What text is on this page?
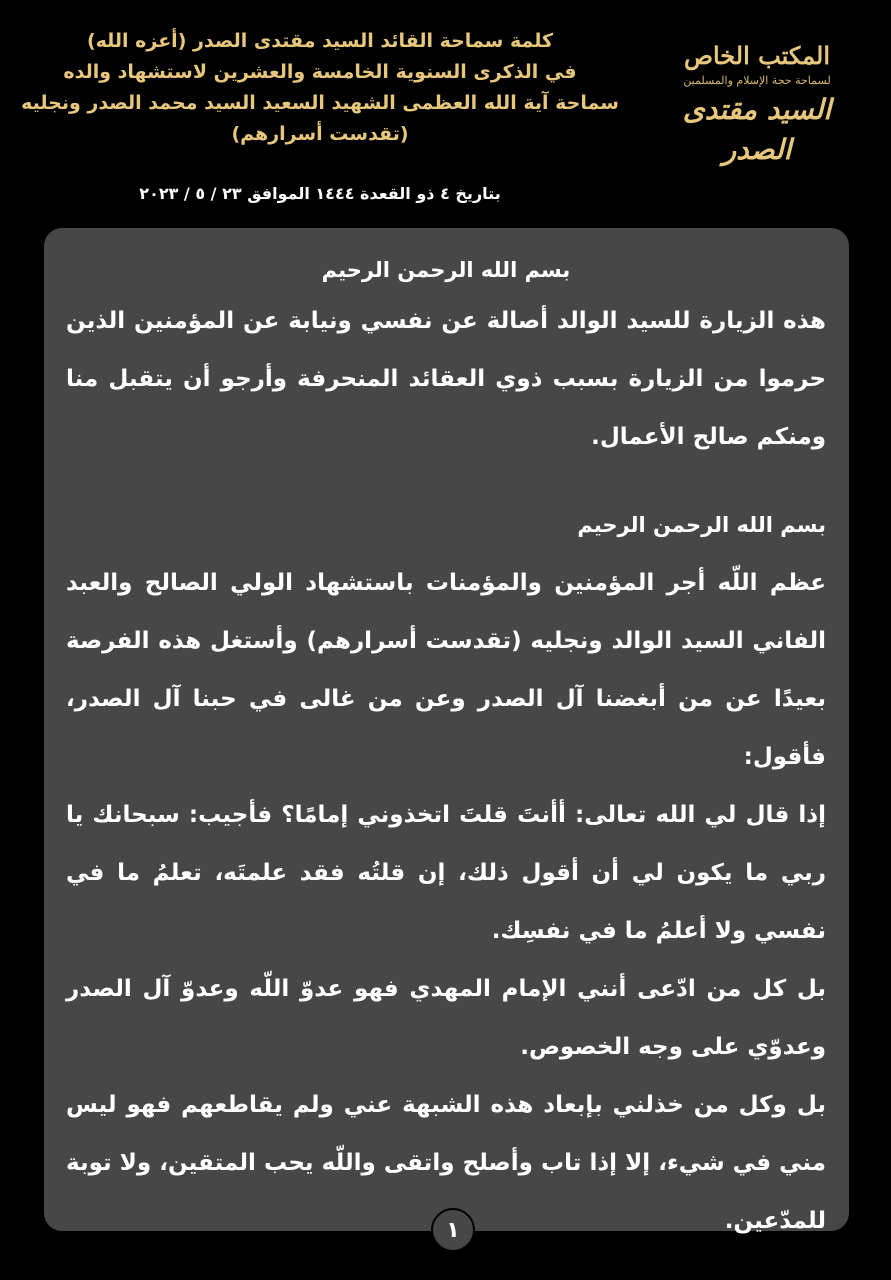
كلمة سماحة القائد السيد مقتدى الصدر (أعزه الله)
في الذكرى السنوية الخامسة والعشرين لاستشهاد والده
سماحة آية الله العظمى الشهيد السعيد السيد محمد الصدر ونجليه
(تقدست أسرارهم)
بتاريخ ٤ ذو القعدة ١٤٤٤ الموافق ٢٣ / ٥ / ٢٠٢٣
المكتب الخاص
لسماحة حجة الإسلام والمسلمين
السيد مقتدى الصدر

بسم الله الرحمن الرحيم

هذه الزيارة للسيد الوالد أصالة عن نفسي ونيابة عن المؤمنين الذين حرموا من الزيارة بسبب ذوي العقائد المنحرفة وأرجو أن يتقبل منا ومنكم صالح الأعمال.

بسم الله الرحمن الرحيم

عظم اللّه أجر المؤمنين والمؤمنات باستشهاد الولي الصالح والعبد الفاني السيد الوالد ونجليه (تقدست أسرارهم) وأستغل هذه الفرصة بعيدًا عن من أبغضنا آل الصدر وعن من غالى في حبنا آل الصدر، فأقول:

إذا قال لي الله تعالى: أأنتَ قلتَ اتخذوني إمامًا؟ فأجيب: سبحانك يا ربي ما يكون لي أن أقول ذلك، إن قلتُه فقد علمتَه، تعلمُ ما في نفسي ولا أعلمُ ما في نفسِك.

بل كل من ادّعى أنني الإمام المهدي فهو عدوّ اللّه وعدوّ آل الصدر وعدوّي على وجه الخصوص.

بل وكل من خذلني بإبعاد هذه الشبهة عني ولم يقاطعهم فهو ليس مني في شيء، إلا إذا تاب وأصلح واتقى واللّه يحب المتقين، ولا توبة للمدّعين.

١
